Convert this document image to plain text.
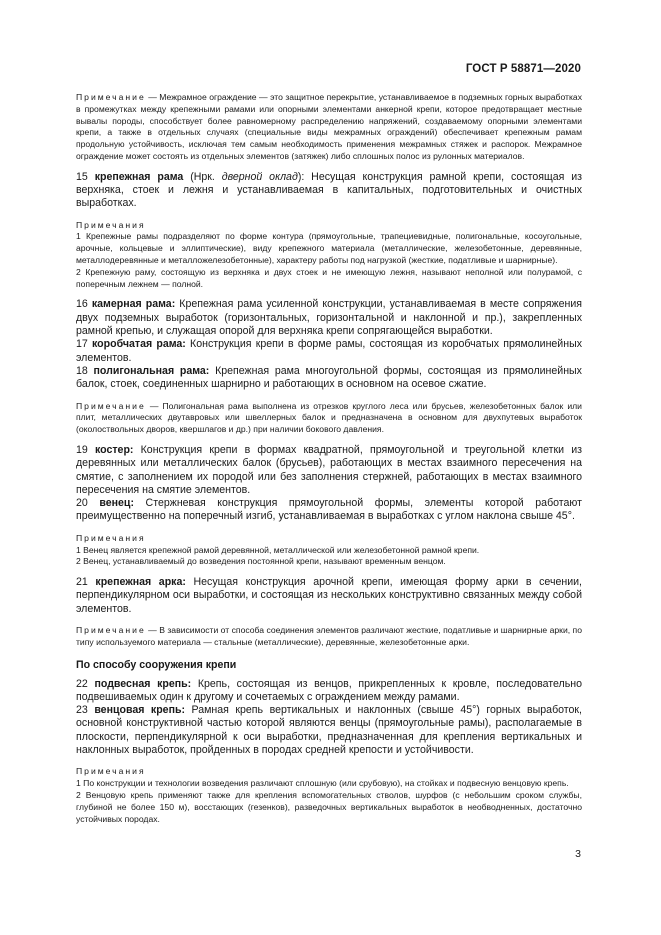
ГОСТ Р 58871—2020

Примечание — Межрамное ограждение — это защитное перекрытие, устанавливаемое в подземных горных выработках в промежутках между крепежными рамами или опорными элементами анкерной крепи, которое предотвращает местные вывалы породы, способствует более равномерному распределению напряжений, создаваемому опорными элементами крепи, а также в отдельных случаях (специальные виды межрамных ограждений) обеспечивает крепежным рамам продольную устойчивость, исключая тем самым необходимость применения межрамных стяжек и распорок. Межрамное ограждение может состоять из отдельных элементов (затяжек) либо сплошных полос из рулонных материалов.

15 крепежная рама (Нрк. дверной оклад): Несущая конструкция рамной крепи, состоящая из верхняка, стоек и лежня и устанавливаемая в капитальных, подготовительных и очистных выработках.

Примечания

1 Крепежные рамы подразделяют по форме контура (прямоугольные, трапециевидные, полигональные, косоугольные, арочные, кольцевые и эллиптические), виду крепежного материала (металлические, железобетонные, деревянные, металлодеревянные и металложелезобетонные), характеру работы под нагрузкой (жесткие, податливые и шарнирные).

2 Крепежную раму, состоящую из верхняка и двух стоек и не имеющую лежня, называют неполной или полурамой, с поперечным лежнем — полной.

16 камерная рама: Крепежная рама усиленной конструкции, устанавливаемая в месте сопряжения двух подземных выработок (горизонтальных, горизонтальной и наклонной и пр.), закрепленных рамной крепью, и служащая опорой для верхняка крепи сопрягающейся выработки.

17 коробчатая рама: Конструкция крепи в форме рамы, состоящая из коробчатых прямолинейных элементов.

18 полигональная рама: Крепежная рама многоугольной формы, состоящая из прямолинейных балок, стоек, соединенных шарнирно и работающих в основном на осевое сжатие.

Примечание — Полигональная рама выполнена из отрезков круглого леса или брусьев, железобетонных балок или плит, металлических двутавровых или швеллерных балок и предназначена в основном для двухпутевых выработок (околоствольных дворов, квершлагов и др.) при наличии бокового давления.

19 костер: Конструкция крепи в формах квадратной, прямоугольной и треугольной клетки из деревянных или металлических балок (брусьев), работающих в местах взаимного пересечения на смятие, с заполнением их породой или без заполнения стержней, работающих в местах взаимного пересечения на смятие элементов.

20 венец: Стержневая конструкция прямоугольной формы, элементы которой работают преимущественно на поперечный изгиб, устанавливаемая в выработках с углом наклона свыше 45°.

Примечания

1 Венец является крепежной рамой деревянной, металлической или железобетонной рамной крепи.

2 Венец, устанавливаемый до возведения постоянной крепи, называют временным венцом.

21 крепежная арка: Несущая конструкция арочной крепи, имеющая форму арки в сечении, перпендикулярном оси выработки, и состоящая из нескольких конструктивно связанных между собой элементов.

Примечание — В зависимости от способа соединения элементов различают жесткие, податливые и шарнирные арки, по типу используемого материала — стальные (металлические), деревянные, железобетонные арки.

По способу сооружения крепи

22 подвесная крепь: Крепь, состоящая из венцов, прикрепленных к кровле, последовательно подвешиваемых один к другому и сочетаемых с ограждением между рамами.

23 венцовая крепь: Рамная крепь вертикальных и наклонных (свыше 45°) горных выработок, основной конструктивной частью которой являются венцы (прямоугольные рамы), располагаемые в плоскости, перпендикулярной к оси выработки, предназначенная для крепления вертикальных и наклонных выработок, пройденных в породах средней крепости и устойчивости.

Примечания

1 По конструкции и технологии возведения различают сплошную (или срубовую), на стойках и подвесную венцовую крепь.

2 Венцовую крепь применяют также для крепления вспомогательных стволов, шурфов (с небольшим сроком службы, глубиной не более 150 м), восстающих (гезенков), разведочных вертикальных выработок в необводненных, достаточно устойчивых породах.

3
